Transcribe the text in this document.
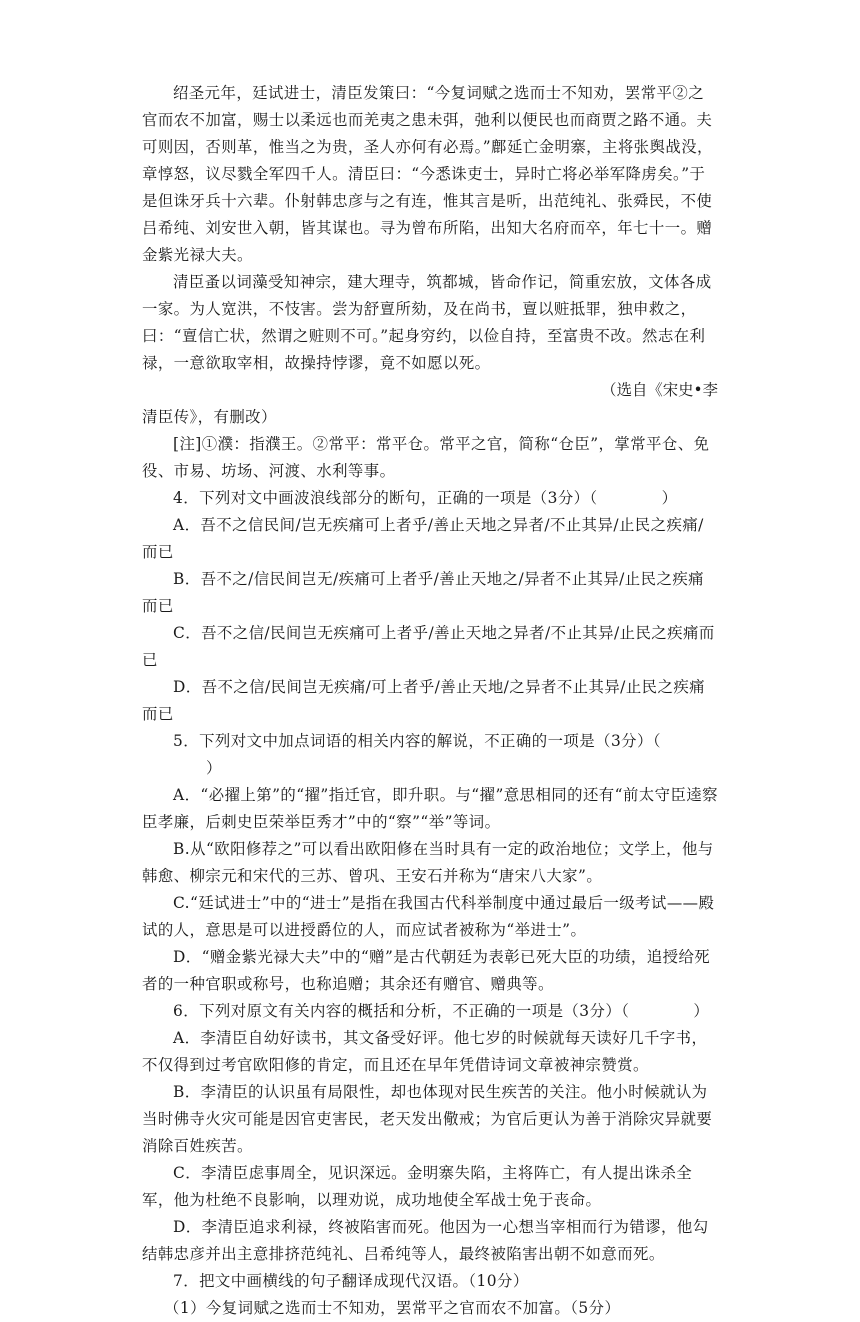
绍圣元年，廷试进士，清臣发策曰：“今复词赋之选而士不知劝，罢常平②之官而农不加富，赐士以柔远也而羌夷之患未弭，弛利以便民也而商贾之路不通。夫可则因，否则革，惟当之为贵，圣人亦何有必焉。”鄜延亡金明寨，主将张舆战没，章惇怒，议尽戮全军四千人。清臣曰：“今悉诛吏士，异时亡将必举军降虏矣。”于是但诛牙兵十六辈。仆射韩忠彦与之有连，惟其言是听，出范纯礼、张舜民，不使吕希纯、刘安世入朝，皆其谋也。寻为曾布所陷，出知大名府而卒，年七十一。赠金紫光禄大夫。

清臣蚤以词藻受知神宗，建大理寺，筑都城，皆命作记，简重宏放，文体各成一家。为人宽洪，不忮害。尝为舒亶所劾，及在尚书，亶以赃抵罪，独申救之，曰：“亶信亡状，然谓之赃则不可。”起身穷约，以俭自持，至富贵不改。然志在利禄，一意欲取宰相，故操持悖谬，竟不如愿以死。
（选自《宋史•李

清臣传》，有删改）

[注]①濮：指濮王。②常平：常平仓。常平之官，简称“仓臣”，掌常平仓、免役、市易、坊场、河渡、水利等事。

4．下列对文中画波浪线部分的断句，正确的一项是（3分）（	）

A．吾不之信民间/岂无疾痛可上者乎/善止天地之异者/不止其异/止民之疾痛/而已

B．吾不之/信民间岂无/疾痛可上者乎/善止天地之/异者不止其异/止民之疾痛而已

C．吾不之信/民间岂无疾痛可上者乎/善止天地之异者/不止其异/止民之疾痛而已

D．吾不之信/民间岂无疾痛/可上者乎/善止天地/之异者不止其异/止民之疾痛而已

5．下列对文中加点词语的相关内容的解说，不正确的一项是（3分）（）

A．“必擢上第”的“擢”指迁官，即升职。与“擢”意思相同的还有“前太守臣逵察臣孝廉，后刺史臣荣举臣秀才”中的“察”“举”等词。

B.从“欧阳修荐之”可以看出欧阳修在当时具有一定的政治地位；文学上，他与韩愈、柳宗元和宋代的三苏、曾巩、王安石并称为“唐宋八大家”。

C.“廷试进士”中的“进士”是指在我国古代科举制度中通过最后一级考试——殿试的人，意思是可以进授爵位的人，而应试者被称为“举进士”。

D．“赠金紫光禄大夫”中的“赠”是古代朝廷为表彰已死大臣的功绩，追授给死者的一种官职或称号，也称追赠；其余还有赠官、赠典等。

6．下列对原文有关内容的概括和分析，不正确的一项是（3分）（	）

A．李清臣自幼好读书，其文备受好评。他七岁的时候就每天读好几千字书，不仅得到过考官欧阳修的肯定，而且还在早年凭借诗词文章被神宗赞赏。

B．李清臣的认识虽有局限性，却也体现对民生疾苦的关注。他小时候就认为当时佛寺火灾可能是因官吏害民，老天发出儆戒；为官后更认为善于消除灾异就要消除百姓疾苦。

C．李清臣虑事周全，见识深远。金明寨失陷，主将阵亡，有人提出诛杀全军，他为杜绝不良影响，以理劝说，成功地使全军战士免于丧命。

D．李清臣追求利禄，终被陷害而死。他因为一心想当宰相而行为错谬，他勾结韩忠彦并出主意排挤范纯礼、吕希纯等人，最终被陷害出朝不如意而死。

7．把文中画横线的句子翻译成现代汉语。（10分）

（1）今复词赋之选而士不知劝，罢常平之官而农不加富。（5分）
